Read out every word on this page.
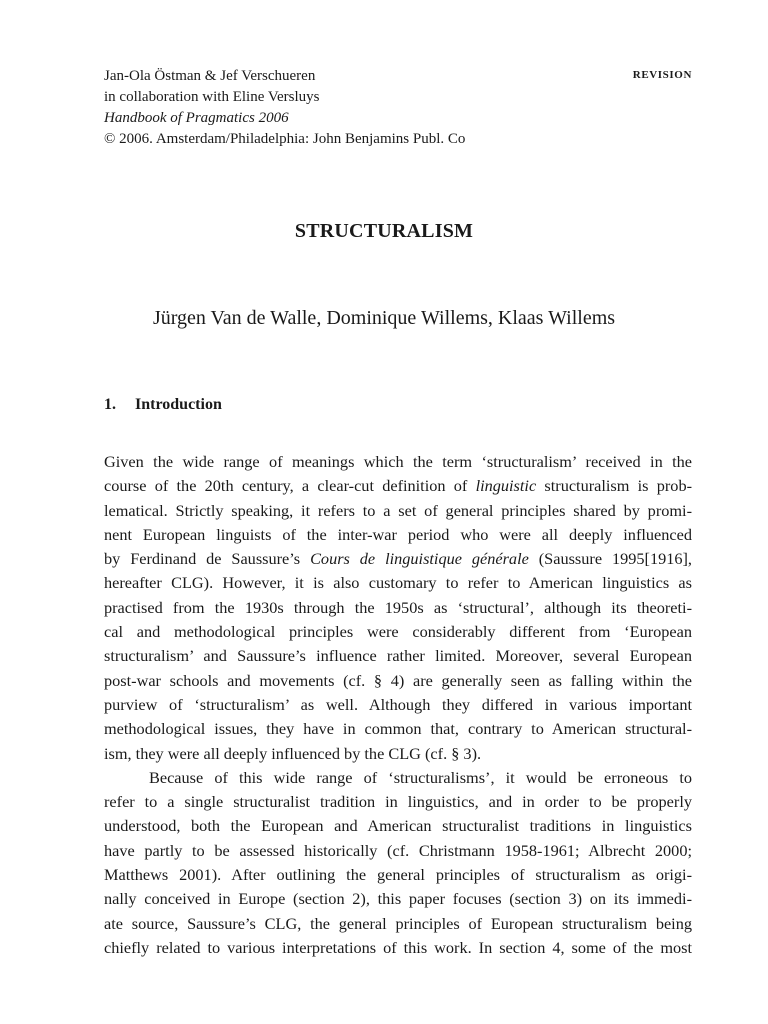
Jan-Ola Östman & Jef Verschueren
in collaboration with Eline Versluys
Handbook of Pragmatics 2006
© 2006. Amsterdam/Philadelphia: John Benjamins Publ. Co
REVISION
STRUCTURALISM
Jürgen Van de Walle, Dominique Willems, Klaas Willems
1. Introduction

Given the wide range of meanings which the term ‘structuralism’ received in the
course of the 20th century, a clear-cut definition of linguistic structuralism is prob-
lematical. Strictly speaking, it refers to a set of general principles shared by promi-
nent European linguists of the inter-war period who were all deeply influenced
by Ferdinand de Saussure’s Cours de linguistique générale (Saussure 1995[1916],
hereafter CLG). However, it is also customary to refer to American linguistics as
practised from the 1930s through the 1950s as ‘structural’, although its theoreti-
cal and methodological principles were considerably different from ‘European
structuralism’ and Saussure’s influence rather limited. Moreover, several European
post-war schools and movements (cf. § 4) are generally seen as falling within the
purview of ‘structuralism’ as well. Although they differed in various important
methodological issues, they have in common that, contrary to American structural-
ism, they were all deeply influenced by the CLG (cf. § 3).

Because of this wide range of ‘structuralisms’, it would be erroneous to
refer to a single structuralist tradition in linguistics, and in order to be properly
understood, both the European and American structuralist traditions in linguistics
have partly to be assessed historically (cf. Christmann 1958-1961; Albrecht 2000;
Matthews 2001). After outlining the general principles of structuralism as origi-
nally conceived in Europe (section 2), this paper focuses (section 3) on its immedi-
ate source, Saussure’s CLG, the general principles of European structuralism being
chiefly related to various interpretations of this work. In section 4, some of the most
